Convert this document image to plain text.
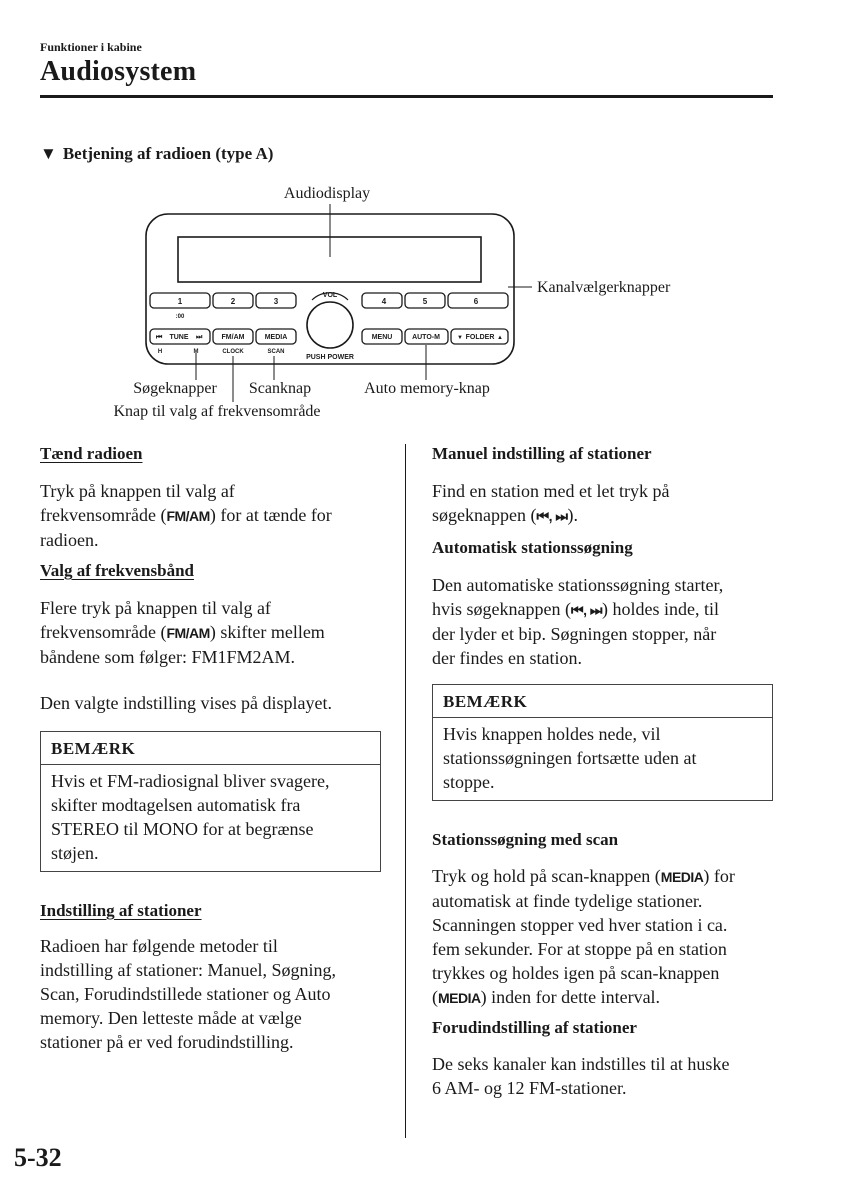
Funktioner i kabine
Audiosystem
▼ Betjening af radioen (type A)
1	2	3
:00
4	5	6
VOL
PUSH POWER
⏮ TUNE ⏭
H	M
FM/AM
CLOCK
MEDIA
SCAN
MENU	AUTO-M	▼ FOLDER ▲
Audiodisplay
Kanalvælgerknapper
Søgeknapper Scanknap	Auto memory-knap
Knap til valg af frekvensområde
Tænd radioen
Tryk på knappen til valg af
frekvensområde (FM/AM) for at tænde for
radioen.
Valg af frekvensbånd
Flere tryk på knappen til valg af
frekvensområde (FM/AM) skifter mellem
båndene som følger: FM1FM2AM.
Den valgte indstilling vises på displayet.
BEMÆRK
Hvis et FM-radiosignal bliver svagere,
skifter modtagelsen automatisk fra
STEREO til MONO for at begrænse
støjen.
Indstilling af stationer
Radioen har følgende metoder til
indstilling af stationer: Manuel, Søgning,
Scan, Forudindstillede stationer og Auto
memory. Den letteste måde at vælge
stationer på er ved forudindstilling.
Manuel indstilling af stationer
Find en station med et let tryk på
søgeknappen (⏮, ⏭).
Automatisk stationssøgning
Den automatiske stationssøgning starter,
hvis søgeknappen (⏮, ⏭) holdes inde, til
der lyder et bip. Søgningen stopper, når
der findes en station.
BEMÆRK
Hvis knappen holdes nede, vil
stationssøgningen fortsætte uden at
stoppe.
Stationssøgning med scan
Tryk og hold på scan-knappen (MEDIA) for
automatisk at finde tydelige stationer.
Scanningen stopper ved hver station i ca.
fem sekunder. For at stoppe på en station
trykkes og holdes igen på scan-knappen
(MEDIA) inden for dette interval.
Forudindstilling af stationer
De seks kanaler kan indstilles til at huske
6 AM- og 12 FM-stationer.
5-32
